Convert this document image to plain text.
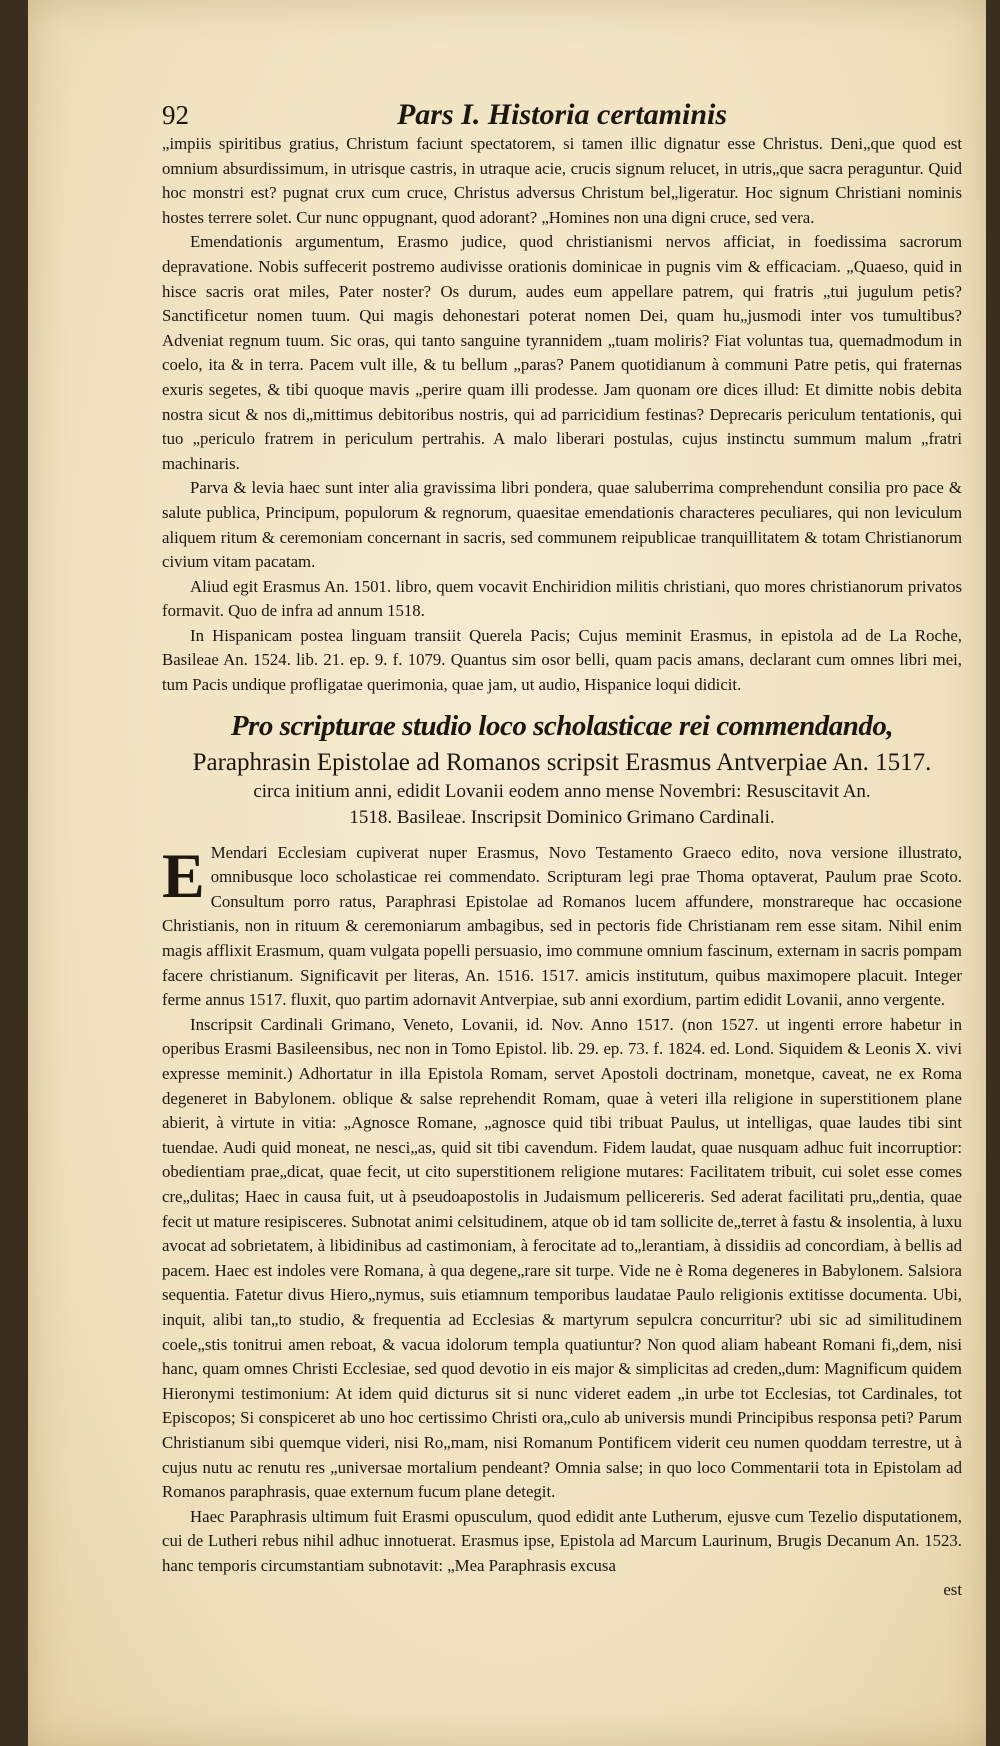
92	Pars I. Historia certaminis

„impiis spiritibus gratius, Christum faciunt spectatorem, si tamen illic dignatur esse Christus. Deni„que quod est omnium absurdissimum, in utrisque castris, in utraque acie, crucis signum relucet, in utris„que sacra peraguntur. Quid hoc monstri est? pugnat crux cum cruce, Christus adversus Christum bel„ligeratur. Hoc signum Christiani nominis hostes terrere solet. Cur nunc oppugnant, quod adorant? „Homines non una digni cruce, sed vera.

Emendationis argumentum, Erasmo judice, quod christianismi nervos afficiat, in foedissima sacrorum depravatione. Nobis suffecerit postremo audivisse orationis dominicae in pugnis vim & efficaciam. „Quaeso, quid in hisce sacris orat miles, Pater noster? Os durum, audes eum appellare patrem, qui fratris „tui jugulum petis? Sanctificetur nomen tuum. Qui magis dehonestari poterat nomen Dei, quam hu„jusmodi inter vos tumultibus? Adveniat regnum tuum. Sic oras, qui tanto sanguine tyrannidem „tuam moliris? Fiat voluntas tua, quemadmodum in coelo, ita & in terra. Pacem vult ille, & tu bellum „paras? Panem quotidianum à communi Patre petis, qui fraternas exuris segetes, & tibi quoque mavis „perire quam illi prodesse. Jam quonam ore dices illud: Et dimitte nobis debita nostra sicut & nos di„mittimus debitoribus nostris, qui ad parricidium festinas? Deprecaris periculum tentationis, qui tuo „periculo fratrem in periculum pertrahis. A malo liberari postulas, cujus instinctu summum malum „fratri machinaris.

Parva & levia haec sunt inter alia gravissima libri pondera, quae saluberrima comprehendunt consilia pro pace & salute publica, Principum, populorum & regnorum, quaesitae emendationis characteres peculiares, qui non leviculum aliquem ritum & ceremoniam concernant in sacris, sed communem reipublicae tranquillitatem & totam Christianorum civium vitam pacatam.

Aliud egit Erasmus An. 1501. libro, quem vocavit Enchiridion militis christiani, quo mores christianorum privatos formavit. Quo de infra ad annum 1518.

In Hispanicam postea linguam transiit Querela Pacis; Cujus meminit Erasmus, in epistola ad de La Roche, Basileae An. 1524. lib. 21. ep. 9. f. 1079. Quantus sim osor belli, quam pacis amans, declarant cum omnes libri mei, tum Pacis undique profligatae querimonia, quae jam, ut audio, Hispanice loqui didicit.

Pro scripturae studio loco scholasticae rei commendando,
Paraphrasin Epistolae ad Romanos scripsit Erasmus Antverpiae An. 1517.
circa initium anni, edidit Lovanii eodem anno mense Novembri: Resuscitavit An.
1518. Basileae. Inscripsit Dominico Grimano Cardinali.

E Mendari Ecclesiam cupiverat nuper Erasmus, Novo Testamento Graeco edito, nova versione illustrato, omnibusque loco scholasticae rei commendato. Scripturam legi prae Thoma optaverat, Paulum prae Scoto. Consultum porro ratus, Paraphrasi Epistolae ad Romanos lucem affundere, monstrareque hac occasione Christianis, non in rituum & ceremoniarum ambagibus, sed in pectoris fide Christianam rem esse sitam. Nihil enim magis afflixit Erasmum, quam vulgata popelli persuasio, imo commune omnium fascinum, externam in sacris pompam facere christianum. Significavit per literas, An. 1516. 1517. amicis institutum, quibus maximopere placuit. Integer ferme annus 1517. fluxit, quo partim adornavit Antverpiae, sub anni exordium, partim edidit Lovanii, anno vergente.

Inscripsit Cardinali Grimano, Veneto, Lovanii, id. Nov. Anno 1517. (non 1527. ut ingenti errore habetur in operibus Erasmi Basileensibus, nec non in Tomo Epistol. lib. 29. ep. 73. f. 1824. ed. Lond. Siquidem & Leonis X. vivi expresse meminit.) Adhortatur in illa Epistola Romam, servet Apostoli doctrinam, monetque, caveat, ne ex Roma degeneret in Babylonem. oblique & salse reprehendit Romam, quae à veteri illa religione in superstitionem plane abierit, à virtute in vitia: „Agnosce Romane, „agnosce quid tibi tribuat Paulus, ut intelligas, quae laudes tibi sint tuendae. Audi quid moneat, ne nesci„as, quid sit tibi cavendum. Fidem laudat, quae nusquam adhuc fuit incorruptior: obedientiam prae„dicat, quae fecit, ut cito superstitionem religione mutares: Facilitatem tribuit, cui solet esse comes cre„dulitas; Haec in causa fuit, ut à pseudoapostolis in Judaismum pellicereris. Sed aderat facilitati pru„dentia, quae fecit ut mature resipisceres. Subnotat animi celsitudinem, atque ob id tam sollicite de„terret à fastu & insolentia, à luxu avocat ad sobrietatem, à libidinibus ad castimoniam, à ferocitate ad to„lerantiam, à dissidiis ad concordiam, à bellis ad pacem. Haec est indoles vere Romana, à qua degene„rare sit turpe. Vide ne è Roma degeneres in Babylonem. Salsiora sequentia. Fatetur divus Hiero„nymus, suis etiamnum temporibus laudatae Paulo religionis extitisse documenta. Ubi, inquit, alibi tan„to studio, & frequentia ad Ecclesias & martyrum sepulcra concurritur? ubi sic ad similitudinem coele„stis tonitrui amen reboat, & vacua idolorum templa quatiuntur? Non quod aliam habeant Romani fi„dem, nisi hanc, quam omnes Christi Ecclesiae, sed quod devotio in eis major & simplicitas ad creden„dum: Magnificum quidem Hieronymi testimonium: At idem quid dicturus sit si nunc videret eadem „in urbe tot Ecclesias, tot Cardinales, tot Episcopos; Si conspiceret ab uno hoc certissimo Christi ora„culo ab universis mundi Principibus responsa peti? Parum Christianum sibi quemque videri, nisi Ro„mam, nisi Romanum Pontificem viderit ceu numen quoddam terrestre, ut à cujus nutu ac renutu res „universae mortalium pendeant? Omnia salse; in quo loco Commentarii tota in Epistolam ad Romanos paraphrasis, quae externum fucum plane detegit.

Haec Paraphrasis ultimum fuit Erasmi opusculum, quod edidit ante Lutherum, ejusve cum Tezelio disputationem, cui de Lutheri rebus nihil adhuc innotuerat. Erasmus ipse, Epistola ad Marcum Laurinum, Brugis Decanum An. 1523. hanc temporis circumstantiam subnotavit: „Mea Paraphrasis excusa

est
